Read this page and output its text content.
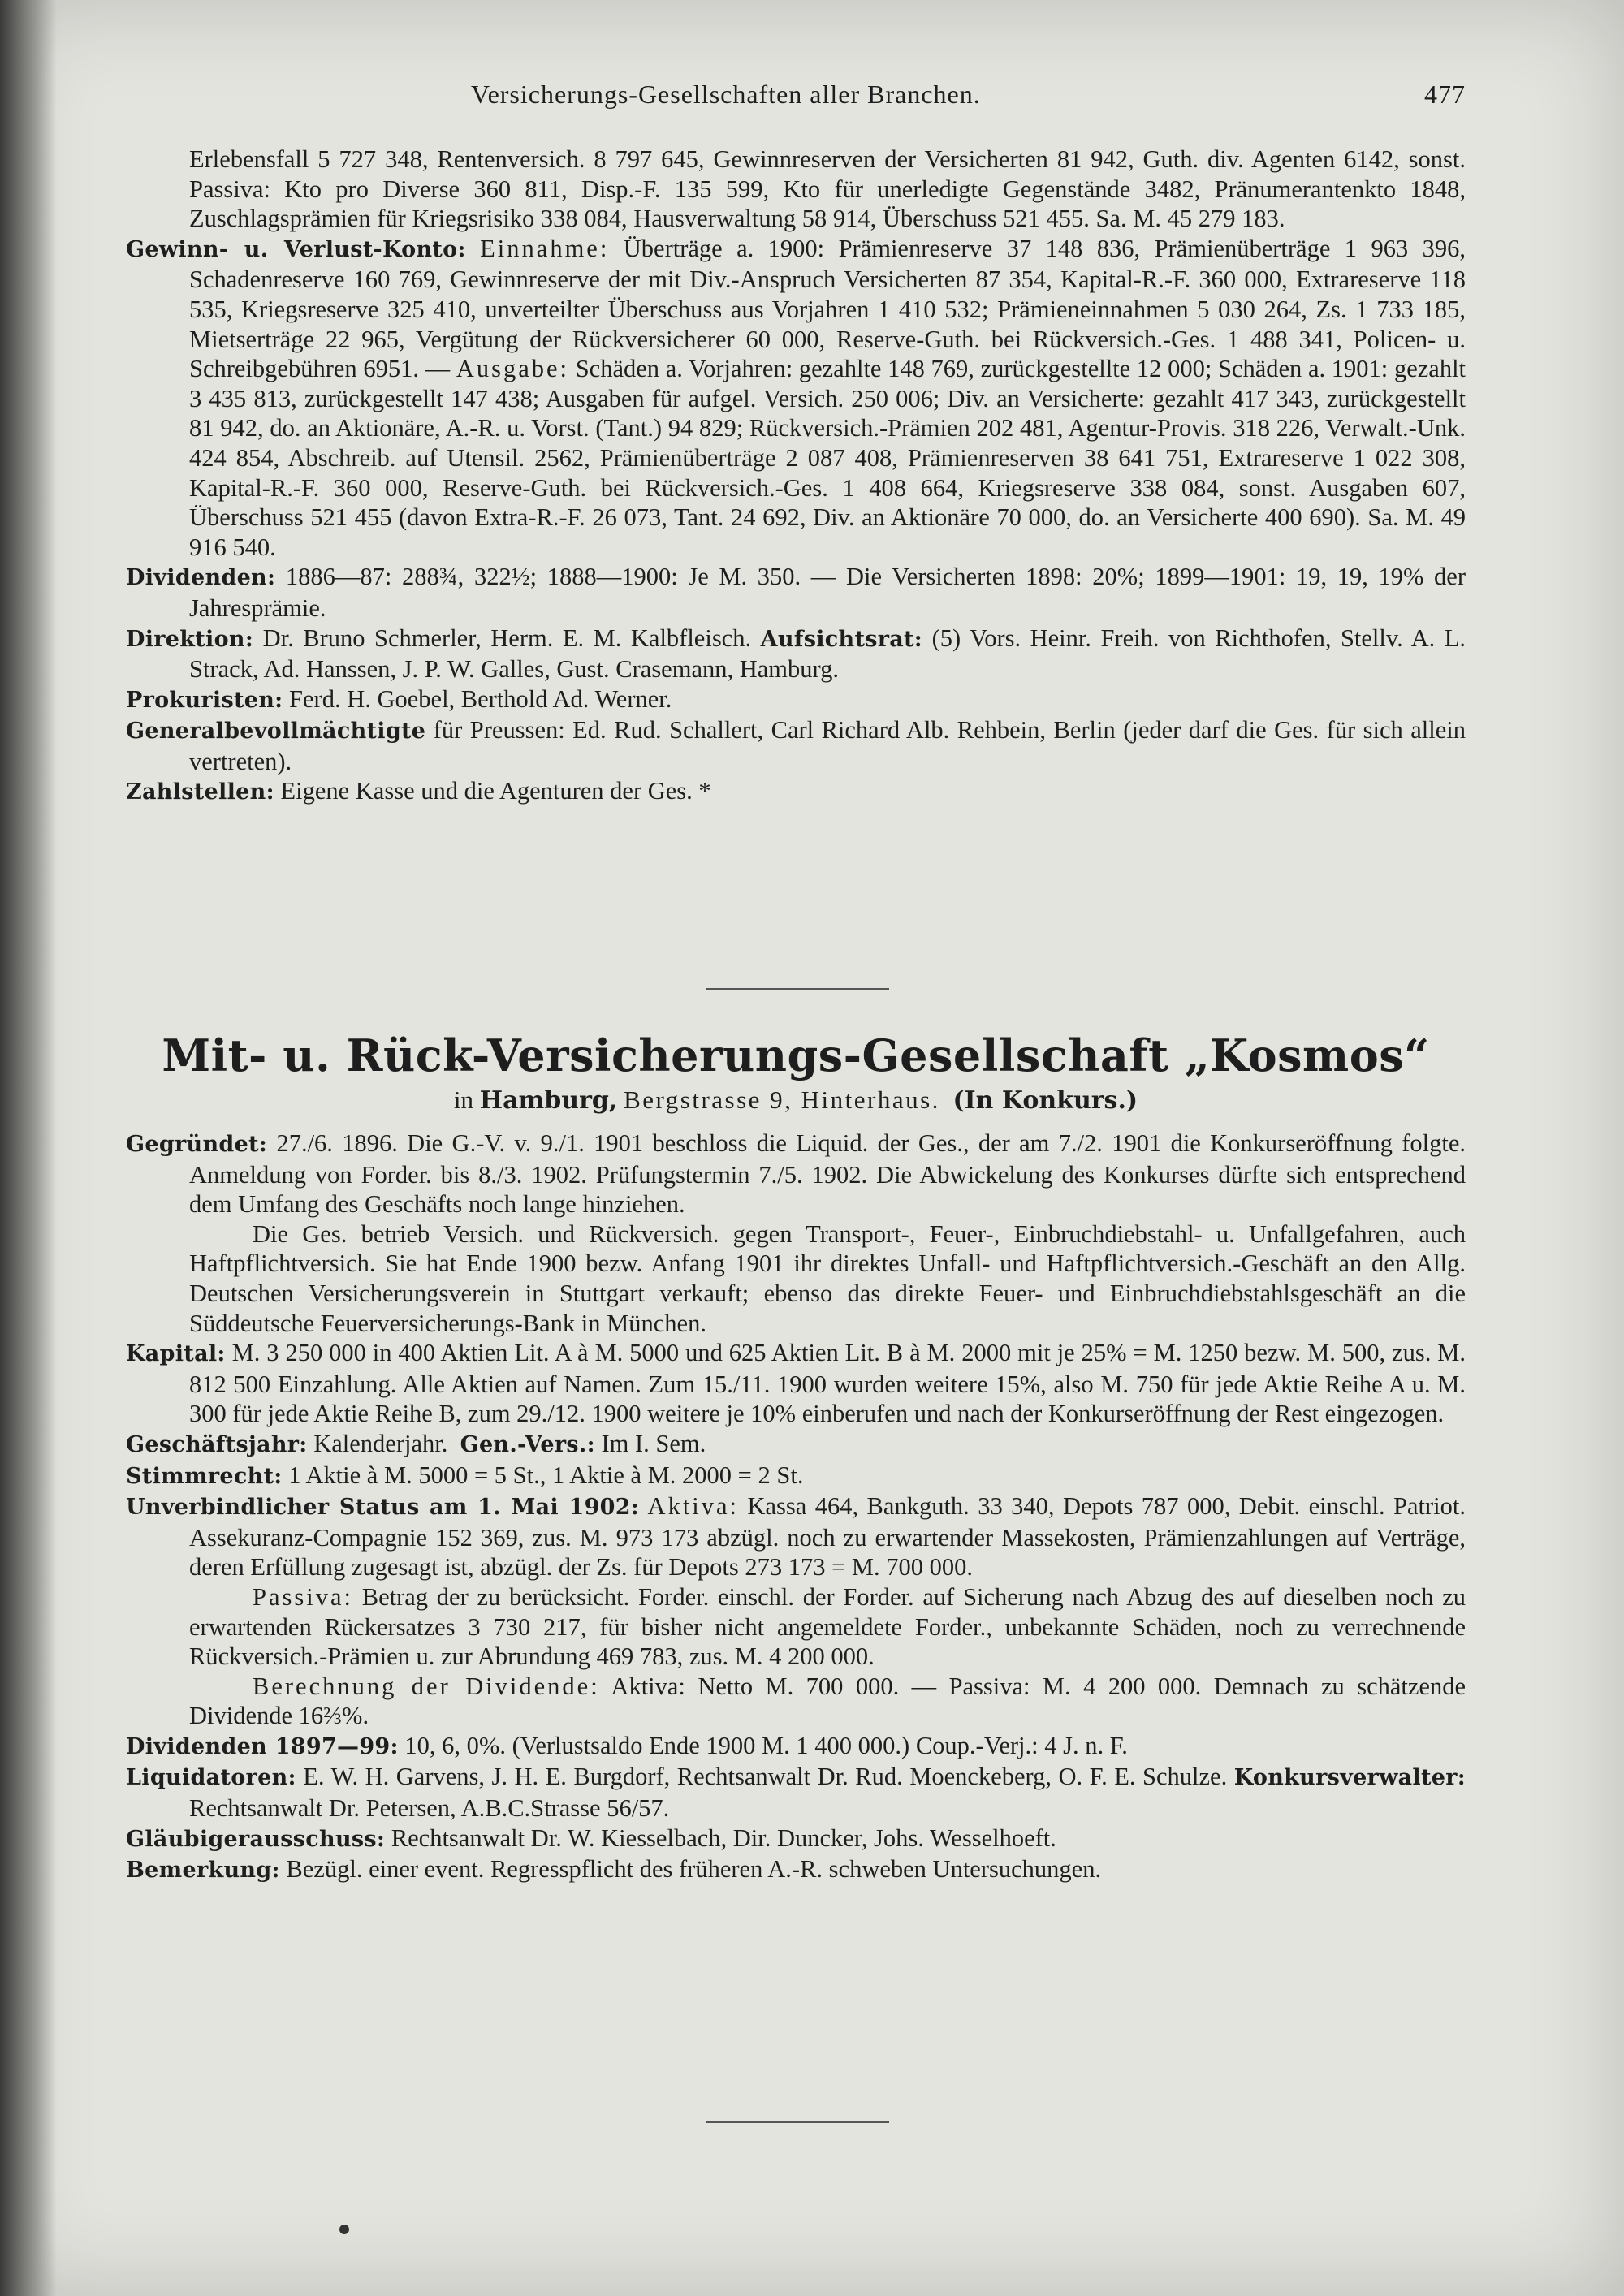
Versicherungs-Gesellschaften aller Branchen.	477

Erlebensfall 5 727 348, Rentenversich. 8 797 645, Gewinnreserven der Versicherten 81 942, Guth. div. Agenten 6142, sonst. Passiva: Kto pro Diverse 360 811, Disp.-F. 135 599, Kto für unerledigte Gegenstände 3482, Pränumerantenkto 1848, Zuschlagsprämien für Kriegsrisiko 338 084, Hausverwaltung 58 914, Überschuss 521 455. Sa. M. 45 279 183.

Gewinn- u. Verlust-Konto: Einnahme: Überträge a. 1900: Prämienreserve 37 148 836, Prämienüberträge 1 963 396, Schadenreserve 160 769, Gewinnreserve der mit Div.-Anspruch Versicherten 87 354, Kapital-R.-F. 360 000, Extrareserve 118 535, Kriegsreserve 325 410, unverteilter Überschuss aus Vorjahren 1 410 532; Prämieneinnahmen 5 030 264, Zs. 1 733 185, Mietserträge 22 965, Vergütung der Rückversicherer 60 000, Reserve-Guth. bei Rückversich.-Ges. 1 488 341, Policen- u. Schreibgebühren 6951. — Ausgabe: Schäden a. Vorjahren: gezahlte 148 769, zurückgestellte 12 000; Schäden a. 1901: gezahlt 3 435 813, zurückgestellt 147 438; Ausgaben für aufgel. Versich. 250 006; Div. an Versicherte: gezahlt 417 343, zurückgestellt 81 942, do. an Aktionäre, A.-R. u. Vorst. (Tant.) 94 829; Rückversich.-Prämien 202 481, Agentur-Provis. 318 226, Verwalt.-Unk. 424 854, Abschreib. auf Utensil. 2562, Prämienüberträge 2 087 408, Prämienreserven 38 641 751, Extrareserve 1 022 308, Kapital-R.-F. 360 000, Reserve-Guth. bei Rückversich.-Ges. 1 408 664, Kriegsreserve 338 084, sonst. Ausgaben 607, Überschuss 521 455 (davon Extra-R.-F. 26 073, Tant. 24 692, Div. an Aktionäre 70 000, do. an Versicherte 400 690). Sa. M. 49 916 540.

Dividenden: 1886—87: 288¾, 322½; 1888—1900: Je M. 350. — Die Versicherten 1898: 20%; 1899—1901: 19, 19, 19% der Jahresprämie.

Direktion: Dr. Bruno Schmerler, Herm. E. M. Kalbfleisch. Aufsichtsrat: (5) Vors. Heinr. Freih. von Richthofen, Stellv. A. L. Strack, Ad. Hanssen, J. P. W. Galles, Gust. Crasemann, Hamburg.

Prokuristen: Ferd. H. Goebel, Berthold Ad. Werner.

Generalbevollmächtigte für Preussen: Ed. Rud. Schallert, Carl Richard Alb. Rehbein, Berlin (jeder darf die Ges. für sich allein vertreten).

Zahlstellen: Eigene Kasse und die Agenturen der Ges. *

Mit- u. Rück-Versicherungs-Gesellschaft „Kosmos“
in Hamburg, Bergstrasse 9, Hinterhaus. (In Konkurs.)

Gegründet: 27./6. 1896. Die G.-V. v. 9./1. 1901 beschloss die Liquid. der Ges., der am 7./2. 1901 die Konkurseröffnung folgte. Anmeldung von Forder. bis 8./3. 1902. Prüfungstermin 7./5. 1902. Die Abwickelung des Konkurses dürfte sich entsprechend dem Umfang des Geschäfts noch lange hinziehen.

Die Ges. betrieb Versich. und Rückversich. gegen Transport-, Feuer-, Einbruchdiebstahl- u. Unfallgefahren, auch Haftpflichtversich. Sie hat Ende 1900 bezw. Anfang 1901 ihr direktes Unfall- und Haftpflichtversich.-Geschäft an den Allg. Deutschen Versicherungsverein in Stuttgart verkauft; ebenso das direkte Feuer- und Einbruchdiebstahlsgeschäft an die Süddeutsche Feuerversicherungs-Bank in München.

Kapital: M. 3 250 000 in 400 Aktien Lit. A à M. 5000 und 625 Aktien Lit. B à M. 2000 mit je 25% = M. 1250 bezw. M. 500, zus. M. 812 500 Einzahlung. Alle Aktien auf Namen. Zum 15./11. 1900 wurden weitere 15%, also M. 750 für jede Aktie Reihe A u. M. 300 für jede Aktie Reihe B, zum 29./12. 1900 weitere je 10% einberufen und nach der Konkurseröffnung der Rest eingezogen.

Geschäftsjahr: Kalenderjahr. Gen.-Vers.: Im I. Sem.

Stimmrecht: 1 Aktie à M. 5000 = 5 St., 1 Aktie à M. 2000 = 2 St.

Unverbindlicher Status am 1. Mai 1902: Aktiva: Kassa 464, Bankguth. 33 340, Depots 787 000, Debit. einschl. Patriot. Assekuranz-Compagnie 152 369, zus. M. 973 173 abzügl. noch zu erwartender Massekosten, Prämienzahlungen auf Verträge, deren Erfüllung zugesagt ist, abzügl. der Zs. für Depots 273 173 = M. 700 000.

Passiva: Betrag der zu berücksicht. Forder. einschl. der Forder. auf Sicherung nach Abzug des auf dieselben noch zu erwartenden Rückersatzes 3 730 217, für bisher nicht angemeldete Forder., unbekannte Schäden, noch zu verrechnende Rückversich.-Prämien u. zur Abrundung 469 783, zus. M. 4 200 000.

Berechnung der Dividende: Aktiva: Netto M. 700 000. — Passiva: M. 4 200 000. Demnach zu schätzende Dividende 16⅔%.

Dividenden 1897—99: 10, 6, 0%. (Verlustsaldo Ende 1900 M. 1 400 000.) Coup.-Verj.: 4 J. n. F.

Liquidatoren: E. W. H. Garvens, J. H. E. Burgdorf, Rechtsanwalt Dr. Rud. Moenckeberg, O. F. E. Schulze. Konkursverwalter: Rechtsanwalt Dr. Petersen, A.B.C.Strasse 56/57.

Gläubigerausschuss: Rechtsanwalt Dr. W. Kiesselbach, Dir. Duncker, Johs. Wesselhoeft.

Bemerkung: Bezügl. einer event. Regresspflicht des früheren A.-R. schweben Untersuchungen.
